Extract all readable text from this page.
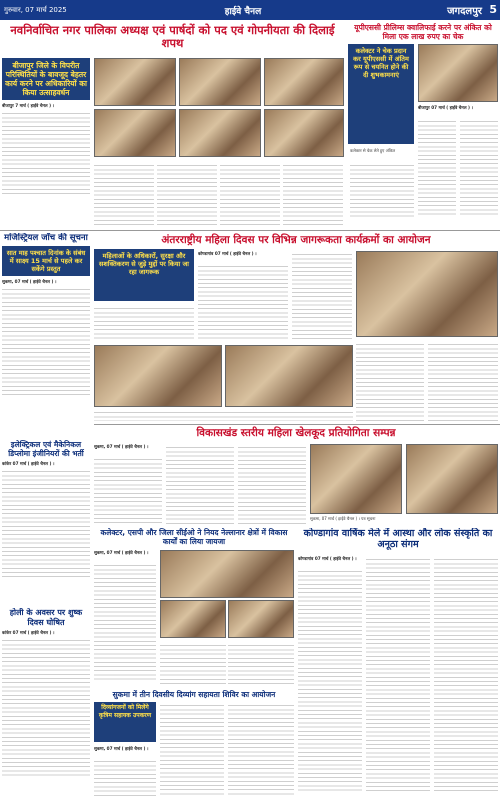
गुरुवार, 07 मार्च 2025	हाईवे चैनल	जगदलपुर 5
नवनिर्वाचित नगर पालिका अध्यक्ष एवं पार्षदों को पद एवं गोपनीयता की दिलाई शपथ
बीजापुर जिले के विपरीत परिस्थितियों के बावजूद बेहतर कार्य करने पर अधिकारियों का किया उत्साहवर्धन
बीजापुर 7 मार्च ( हाईवे चैनल ) ।
यूपीएससी प्रीलिम्स क्वालिफाई करने पर अंकित को मिला एक लाख रुपए का चेक
कलेक्टर ने चेक प्रदान कर यूपीएससी में अंतिम रूप से चयनित होने की दी शुभकामनाएं
कलेक्टर से चेक लेते हुए अंकित
बीजापुर 07 मार्च ( हाईवे चैनल ) ।
मजिस्ट्रियल जाँच की सूचना
सात माह पश्चात दिनांक के संबंध में साक्ष्य 15 मार्च से पहले कर सकेंगे प्रस्तुत
सुकमा, 07 मार्च ( हाईवे चैनल ) ।
अंतरराष्ट्रीय महिला दिवस पर विभिन्न जागरूकता कार्यक्रमों का आयोजन
महिलाओं के अधिकारों, सुरक्षा और सशक्तिकरण से जुड़े मुद्दों पर किया जा रहा जागरूक
कोण्डागांव 07 मार्च ( हाईवे चैनल ) ।
विकासखंड स्तरीय महिला खेलकूद प्रतियोगिता सम्पन्न
सुकमा, 07 मार्च ( हाईवे चैनल ) ।
सुकमा, 07 मार्च ( हाईवे चैनल ) । पत्र सूचना
इलेक्ट्रिकल एवं मैकेनिकल डिप्लोमा इंजीनियरों की भर्ती
कांकेर 07 मार्च ( हाईवे चैनल ) ।
कलेक्टर, एसपी और जिला सीईओ ने नियद नेल्लानार क्षेत्रों में विकास कार्यों का लिया जायजा
सुकमा, 07 मार्च ( हाईवे चैनल ) ।
कोण्डागांव वार्षिक मेले में आस्था और लोक संस्कृति का अनूठा संगम
कोण्डागांव 07 मार्च ( हाईवे चैनल ) ।
होली के अवसर पर शुष्क दिवस घोषित
कांकेर 07 मार्च ( हाईवे चैनल ) ।
सुकमा में तीन दिवसीय दिव्यांग सहायता शिविर का आयोजन
दिव्यांगजनों को मिलेंगे कृत्रिम सहायक उपकरण
सुकमा, 07 मार्च ( हाईवे चैनल ) ।
